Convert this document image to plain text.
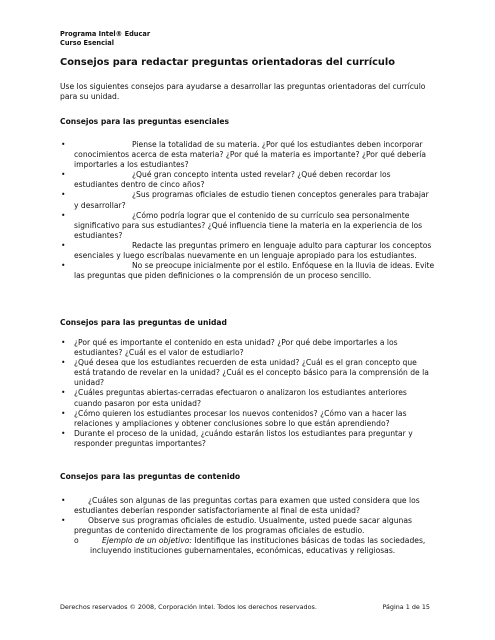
Programa Intel® Educar
Curso Esencial
Consejos para redactar preguntas orientadoras del currículo

Use los siguientes consejos para ayudarse a desarrollar las preguntas orientadoras del currículo para su unidad.

Consejos para las preguntas esenciales
•	Piense la totalidad de su materia. ¿Por qué los estudiantes deben incorporar conocimientos acerca de esta materia? ¿Por qué la materia es importante? ¿Por qué debería importarles a los estudiantes?
•	¿Qué gran concepto intenta usted revelar? ¿Qué deben recordar los estudiantes dentro de cinco años?
•	¿Sus programas oficiales de estudio tienen conceptos generales para trabajar y desarrollar?
•	¿Cómo podría lograr que el contenido de su currículo sea personalmente significativo para sus estudiantes? ¿Qué influencia tiene la materia en la experiencia de los estudiantes?
•	Redacte las preguntas primero en lenguaje adulto para capturar los conceptos esenciales y luego escríbalas nuevamente en un lenguaje apropiado para los estudiantes.
•	No se preocupe inicialmente por el estilo. Enfóquese en la lluvia de ideas. Evite las preguntas que piden definiciones o la comprensión de un proceso sencillo.
Consejos para las preguntas de unidad
• ¿Por qué es importante el contenido en esta unidad? ¿Por qué debe importarles a los estudiantes? ¿Cuál es el valor de estudiarlo?
• ¿Qué desea que los estudiantes recuerden de esta unidad? ¿Cuál es el gran concepto que está tratando de revelar en la unidad? ¿Cuál es el concepto básico para la comprensión de la unidad?
• ¿Cuáles preguntas abiertas-cerradas efectuaron o analizaron los estudiantes anteriores cuando pasaron por esta unidad?
• ¿Cómo quieren los estudiantes procesar los nuevos contenidos? ¿Cómo van a hacer las relaciones y ampliaciones y obtener conclusiones sobre lo que están aprendiendo?
• Durante el proceso de la unidad, ¿cuándo estarán listos los estudiantes para preguntar y responder preguntas importantes?
Consejos para las preguntas de contenido
•	¿Cuáles son algunas de las preguntas cortas para examen que usted considera que los estudiantes deberían responder satisfactoriamente al final de esta unidad?
•	Observe sus programas oficiales de estudio. Usualmente, usted puede sacar algunas preguntas de contenido directamente de los programas oficiales de estudio.
o	Ejemplo de un objetivo: Identifique las instituciones básicas de todas las sociedades, incluyendo instituciones gubernamentales, económicas, educativas y religiosas.
Derechos reservados © 2008, Corporación Intel. Todos los derechos reservados.	Página 1 de 15
